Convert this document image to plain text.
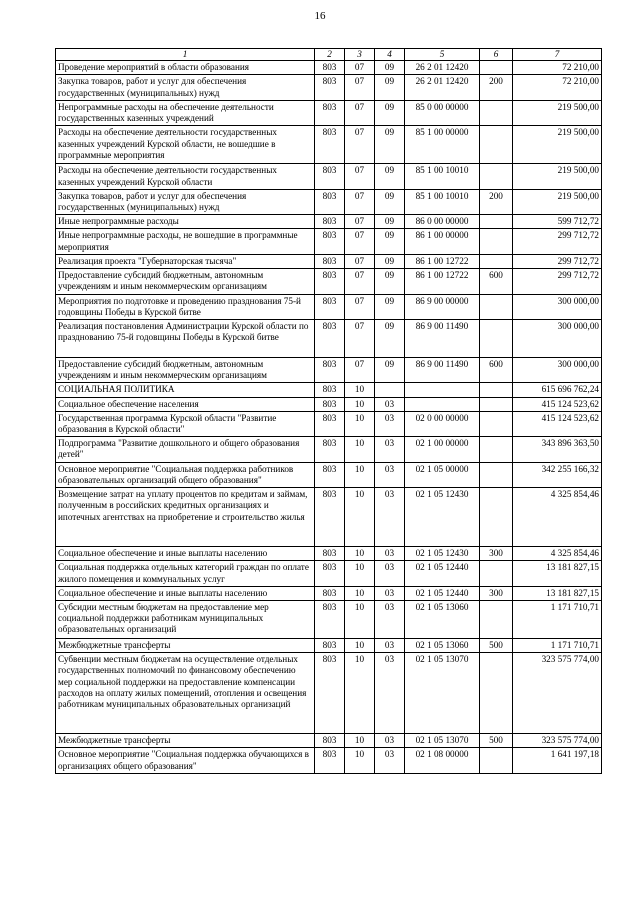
16
1	2	3	4	5	6	7
Проведение мероприятий в области образования	803	07	09	26 2 01 12420		72 210,00
Закупка товаров, работ и услуг для обеспечения государственных (муниципальных) нужд	803	07	09	26 2 01 12420	200	72 210,00
Непрограммные расходы на обеспечение деятельности государственных казенных учреждений	803	07	09	85 0 00 00000		219 500,00
Расходы на обеспечение деятельности государственных казенных учреждений Курской области, не вошедшие в программные мероприятия	803	07	09	85 1 00 00000		219 500,00
Расходы на обеспечение деятельности государственных казенных учреждений Курской области	803	07	09	85 1 00 10010		219 500,00
Закупка товаров, работ и услуг для обеспечения государственных (муниципальных) нужд	803	07	09	85 1 00 10010	200	219 500,00
Иные непрограммные расходы	803	07	09	86 0 00 00000		599 712,72
Иные непрограммные расходы, не вошедшие в программные мероприятия	803	07	09	86 1 00 00000		299 712,72
Реализация проекта "Губернаторская тысяча"	803	07	09	86 1 00 12722		299 712,72
Предоставление субсидий бюджетным, автономным учреждениям и иным некоммерческим организациям	803	07	09	86 1 00 12722	600	299 712,72
Мероприятия по подготовке и проведению празднования 75-й годовщины Победы в Курской битве	803	07	09	86 9 00 00000		300 000,00
Реализация постановления Администрации Курской области по празднованию 75-й годовщины Победы в Курской битве	803	07	09	86 9 00 11490		300 000,00
Предоставление субсидий бюджетным, автономным учреждениям и иным некоммерческим организациям	803	07	09	86 9 00 11490	600	300 000,00
СОЦИАЛЬНАЯ ПОЛИТИКА	803	10				615 696 762,24
Социальное обеспечение населения	803	10	03			415 124 523,62
Государственная программа Курской области "Развитие образования в Курской области"	803	10	03	02 0 00 00000		415 124 523,62
Подпрограмма "Развитие дошкольного и общего образования детей"	803	10	03	02 1 00 00000		343 896 363,50
Основное мероприятие "Социальная поддержка работников образовательных организаций общего образования"	803	10	03	02 1 05 00000		342 255 166,32
Возмещение затрат на уплату процентов по кредитам и займам, полученным в российских кредитных организациях и ипотечных агентствах на приобретение и строительство жилья	803	10	03	02 1 05 12430		4 325 854,46
Социальное обеспечение и иные выплаты населению	803	10	03	02 1 05 12430	300	4 325 854,46
Социальная поддержка отдельных категорий граждан по оплате жилого помещения и коммунальных услуг	803	10	03	02 1 05 12440		13 181 827,15
Социальное обеспечение и иные выплаты населению	803	10	03	02 1 05 12440	300	13 181 827,15
Субсидии местным бюджетам на предоставление мер социальной поддержки работникам муниципальных образовательных организаций	803	10	03	02 1 05 13060		1 171 710,71
Межбюджетные трансферты	803	10	03	02 1 05 13060	500	1 171 710,71
Субвенции местным бюджетам на осуществление отдельных государственных полномочий по финансовому обеспечению мер социальной поддержки на предоставление компенсации расходов на оплату жилых помещений, отопления и освещения работникам муниципальных образовательных организаций	803	10	03	02 1 05 13070		323 575 774,00
Межбюджетные трансферты	803	10	03	02 1 05 13070	500	323 575 774,00
Основное мероприятие "Социальная поддержка обучающихся в организациях общего образования"	803	10	03	02 1 08 00000		1 641 197,18
